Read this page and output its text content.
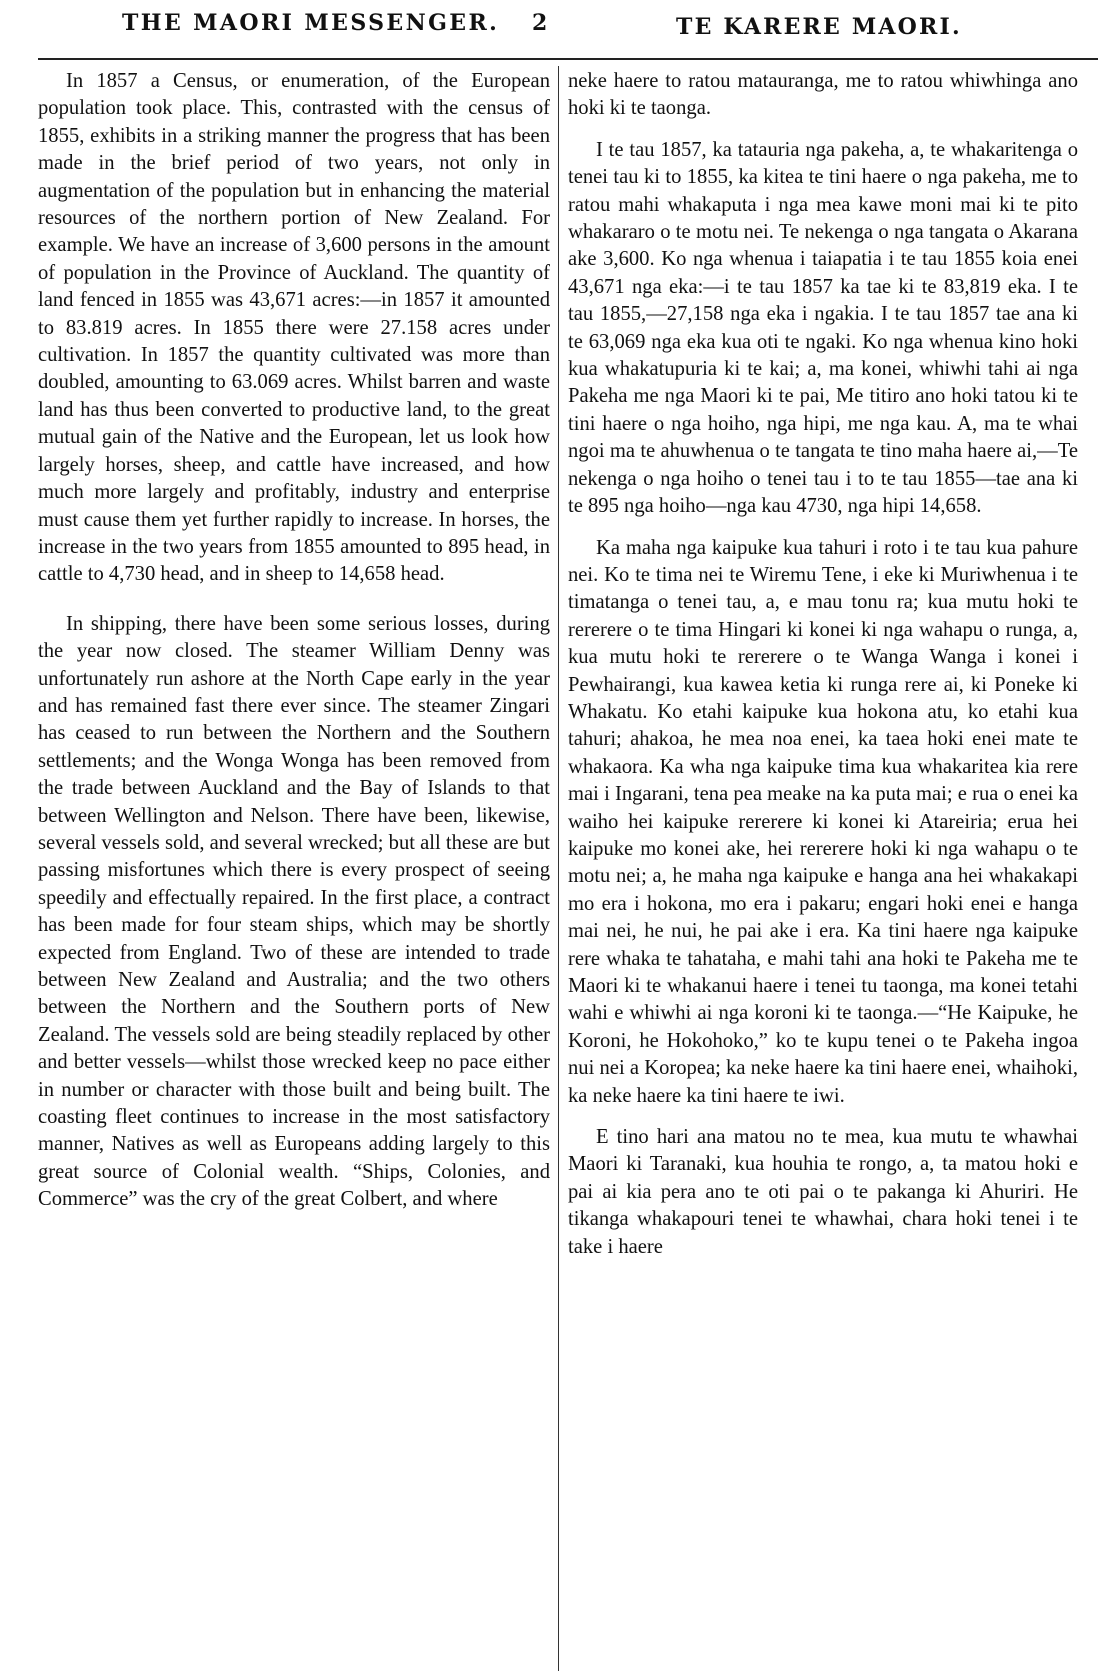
THE MAORI MESSENGER. 2	TE KARERE MAORI.

In 1857 a Census, or enumeration, of the European population took place. This, contrasted with the census of 1855, exhibits in a striking manner the progress that has been made in the brief period of two years, not only in augmentation of the population but in enhancing the material resources of the northern portion of New Zealand. For example. We have an increase of 3,600 persons in the amount of population in the Province of Auckland. The quantity of land fenced in 1855 was 43,671 acres:—in 1857 it amounted to 83.819 acres. In 1855 there were 27.158 acres under cultivation. In 1857 the quantity cultivated was more than doubled, amounting to 63.069 acres. Whilst barren and waste land has thus been converted to productive land, to the great mutual gain of the Native and the European, let us look how largely horses, sheep, and cattle have increased, and how much more largely and profitably, industry and enterprise must cause them yet further rapidly to increase. In horses, the increase in the two years from 1855 amounted to 895 head, in cattle to 4,730 head, and in sheep to 14,658 head.

In shipping, there have been some serious losses, during the year now closed. The steamer William Denny was unfortunately run ashore at the North Cape early in the year and has remained fast there ever since. The steamer Zingari has ceased to run between the Northern and the Southern settlements; and the Wonga Wonga has been removed from the trade between Auckland and the Bay of Islands to that between Wellington and Nelson. There have been, likewise, several vessels sold, and several wrecked; but all these are but passing misfortunes which there is every prospect of seeing speedily and effectually repaired. In the first place, a contract has been made for four steam ships, which may be shortly expected from England. Two of these are intended to trade between New Zealand and Australia; and the two others between the Northern and the Southern ports of New Zealand. The vessels sold are being steadily replaced by other and better vessels—whilst those wrecked keep no pace either in number or character with those built and being built. The coasting fleet continues to increase in the most satisfactory manner, Natives as well as Europeans adding largely to this great source of Colonial wealth. “Ships, Colonies, and Commerce” was the cry of the great Colbert, and where

neke haere to ratou matauranga, me to ratou whiwhinga ano hoki ki te taonga.

I te tau 1857, ka tatauria nga pakeha, a, te whakaritenga o tenei tau ki to 1855, ka kitea te tini haere o nga pakeha, me to ratou mahi whakaputa i nga mea kawe moni mai ki te pito whakararo o te motu nei. Te nekenga o nga tangata o Akarana ake 3,600. Ko nga whenua i taiapatia i te tau 1855 koia enei 43,671 nga eka:—i te tau 1857 ka tae ki te 83,819 eka. I te tau 1855,—27,158 nga eka i ngakia. I te tau 1857 tae ana ki te 63,069 nga eka kua oti te ngaki. Ko nga whenua kino hoki kua whakatupuria ki te kai; a, ma konei, whiwhi tahi ai nga Pakeha me nga Maori ki te pai, Me titiro ano hoki tatou ki te tini haere o nga hoiho, nga hipi, me nga kau. A, ma te whai ngoi ma te ahuwhenua o te tangata te tino maha haere ai,—Te nekenga o nga hoiho o tenei tau i to te tau 1855—tae ana ki te 895 nga hoiho—nga kau 4730, nga hipi 14,658.

Ka maha nga kaipuke kua tahuri i roto i te tau kua pahure nei. Ko te tima nei te Wiremu Tene, i eke ki Muriwhenua i te timatanga o tenei tau, a, e mau tonu ra; kua mutu hoki te rererere o te tima Hingari ki konei ki nga wahapu o runga, a, kua mutu hoki te rererere o te Wanga Wanga i konei i Pewhairangi, kua kawea ketia ki runga rere ai, ki Poneke ki Whakatu. Ko etahi kaipuke kua hokona atu, ko etahi kua tahuri; ahakoa, he mea noa enei, ka taea hoki enei mate te whakaora. Ka wha nga kaipuke tima kua whakaritea kia rere mai i Ingarani, tena pea meake na ka puta mai; e rua o enei ka waiho hei kaipuke rererere ki konei ki Atareiria; erua hei kaipuke mo konei ake, hei rererere hoki ki nga wahapu o te motu nei; a, he maha nga kaipuke e hanga ana hei whakakapi mo era i hokona, mo era i pakaru; engari hoki enei e hanga mai nei, he nui, he pai ake i era. Ka tini haere nga kaipuke rere whaka te tahataha, e mahi tahi ana hoki te Pakeha me te Maori ki te whakanui haere i tenei tu taonga, ma konei tetahi wahi e whiwhi ai nga koroni ki te taonga.—“He Kaipuke, he Koroni, he Hokohoko,” ko te kupu tenei o te Pakeha ingoa nui nei a Koropea; ka neke haere ka tini haere enei, whaihoki, ka neke haere ka tini haere te iwi.

E tino hari ana matou no te mea, kua mutu te whawhai Maori ki Taranaki, kua houhia te rongo, a, ta matou hoki e pai ai kia pera ano te oti pai o te pakanga ki Ahuriri. He tikanga whakapouri tenei te whawhai, chara hoki tenei i te take i haere
